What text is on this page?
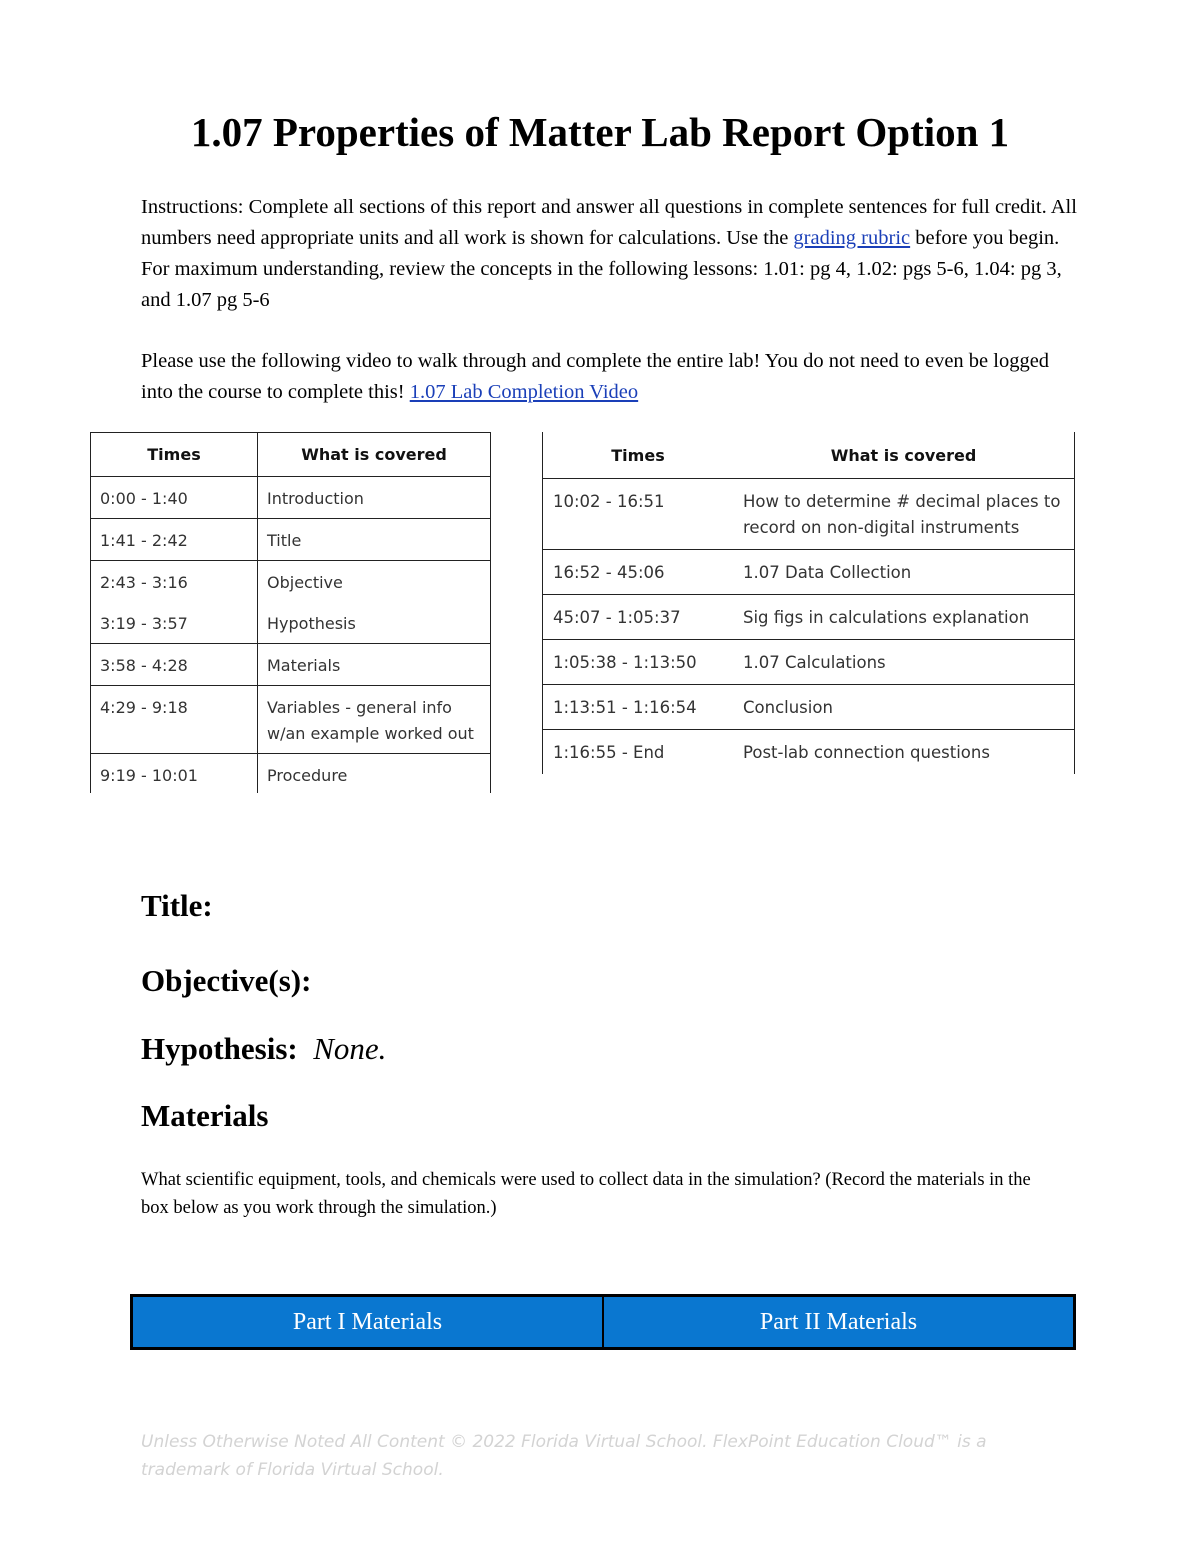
1.07 Properties of Matter Lab Report Option 1

Instructions: Complete all sections of this report and answer all questions in complete sentences for full credit. All numbers need appropriate units and all work is shown for calculations. Use the grading rubric before you begin. For maximum understanding, review the concepts in the following lessons: 1.01: pg 4, 1.02: pgs 5-6, 1.04: pg 3, and 1.07 pg 5-6

Please use the following video to walk through and complete the entire lab! You do not need to even be logged into the course to complete this! 1.07 Lab Completion Video

Times	What is covered
0:00 - 1:40	Introduction
1:41 - 2:42	Title
2:43 - 3:16	Objective
3:19 - 3:57	Hypothesis
3:58 - 4:28	Materials
4:29 - 9:18	Variables - general info w/an example worked out
9:19 - 10:01	Procedure
Times	What is covered
10:02 - 16:51	How to determine # decimal places to record on non-digital instruments
16:52 - 45:06	1.07 Data Collection
45:07 - 1:05:37	Sig figs in calculations explanation
1:05:38 - 1:13:50	1.07 Calculations
1:13:51 - 1:16:54	Conclusion
1:16:55 - End	Post-lab connection questions
Title:
Objective(s):
Hypothesis: None.
Materials

What scientific equipment, tools, and chemicals were used to collect data in the simulation? (Record the materials in the box below as you work through the simulation.)

Part I Materials	Part II Materials

Unless Otherwise Noted All Content © 2022 Florida Virtual School. FlexPoint Education Cloud™ is a trademark of Florida Virtual School.
